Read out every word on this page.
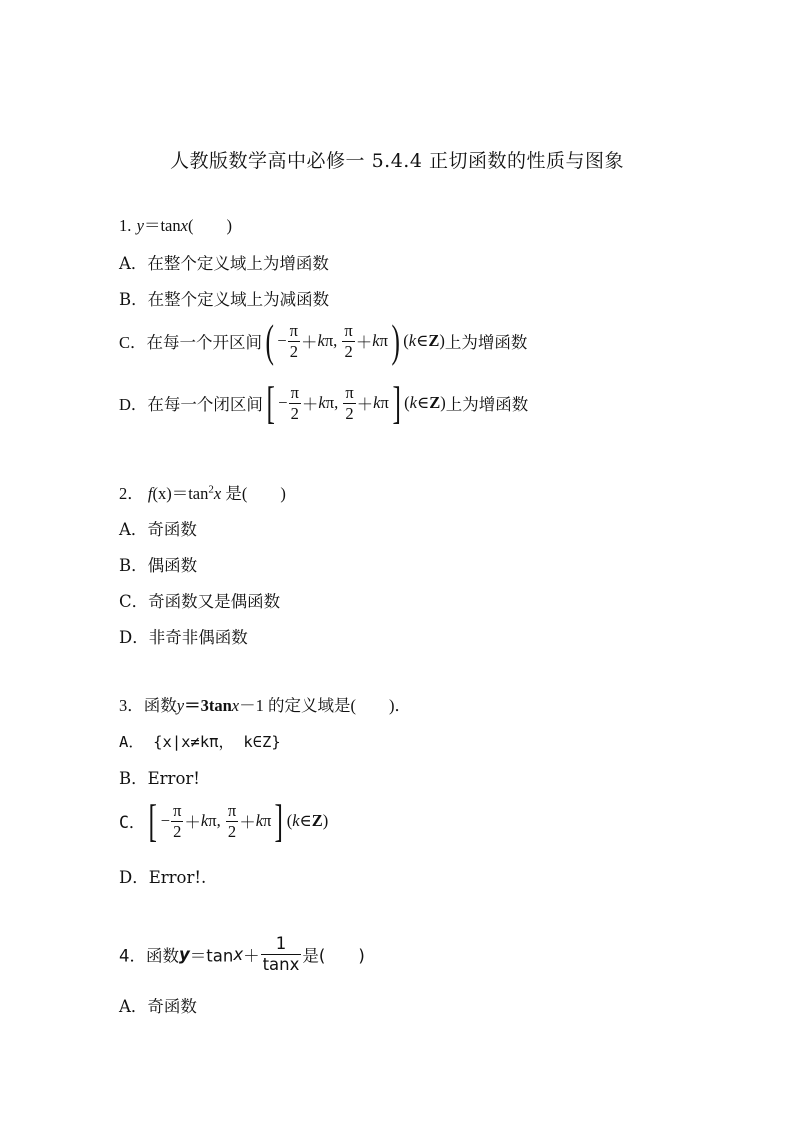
人教版数学高中必修一 5.4.4 正切函数的性质与图象
1. y＝tanx(　　)
A．在整个定义域上为增函数
B．在整个定义域上为减函数
C．在每一个开区间( − $\frac{\pi}{2} +k\pi$, $\frac{\pi}{2} +k\pi$) (k∈Z)上为增函数
D．在每一个闭区间[ − $\frac{\pi}{2} +k\pi$, $\frac{\pi}{2} +k\pi$] (k∈Z)上为增函数
2． $f(x)=\tan^2x$ 是(　　)
A．奇函数
B．偶函数
C．奇函数又是偶函数
D．非奇非偶函数
3．函数y＝3tanx－1 的定义域是(　　)．
A． {x|x≠kπ， k∈Z}
B．Error!
C．[ − $\frac{\pi}{2} +k\pi$, $\frac{\pi}{2} +k\pi$] (k∈Z)
D．Error!.
4．函数$y=\tan x+ \frac{1}{\tan x}$ 是(　　)
A．奇函数
